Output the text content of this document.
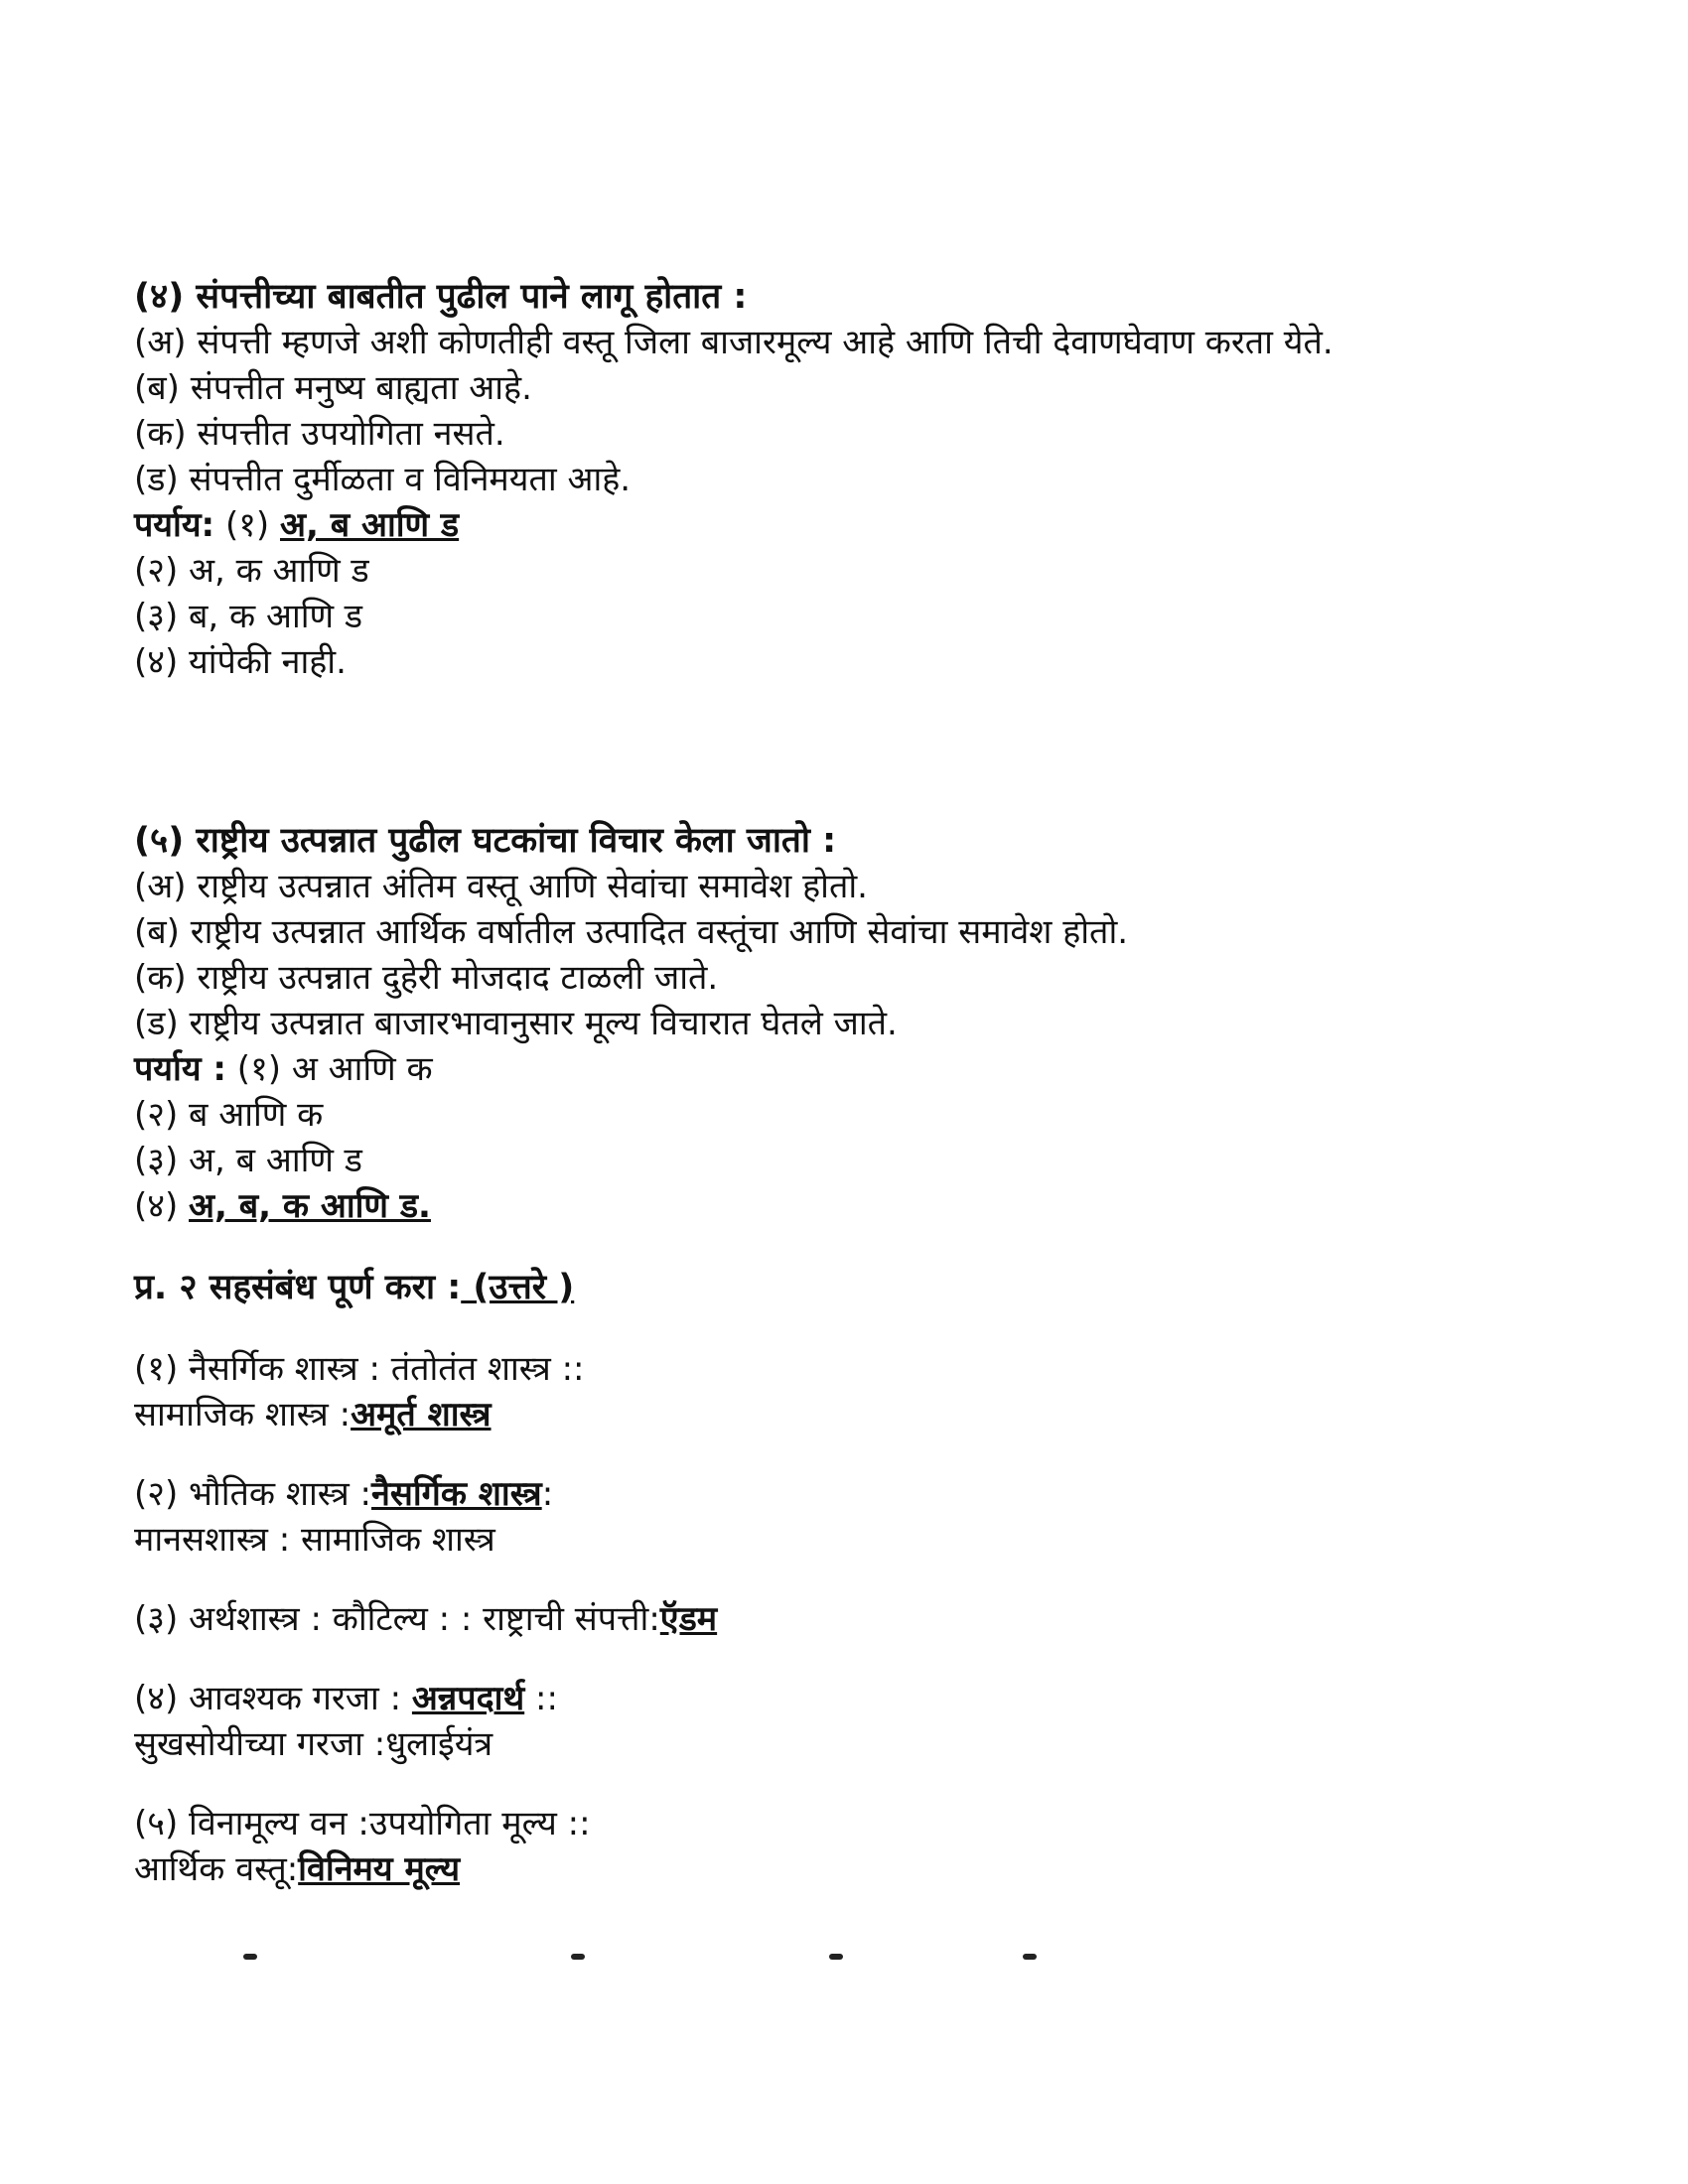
(४) संपत्तीच्या बाबतीत पुढील पाने लागू होतात :

(अ) संपत्ती म्हणजे अशी कोणतीही वस्तू जिला बाजारमूल्य आहे आणि तिची देवाणघेवाण करता येते.

(ब) संपत्तीत मनुष्य बाह्यता आहे.

(क) संपत्तीत उपयोगिता नसते.

(ड) संपत्तीत दुर्मीळता व विनिमयता आहे.

पर्याय: (१) अ, ब आणि ड

(२) अ, क आणि ड

(३) ब, क आणि ड

(४) यांपेकी नाही.

(५) राष्ट्रीय उत्पन्नात पुढील घटकांचा विचार केला जातो :

(अ) राष्ट्रीय उत्पन्नात अंतिम वस्तू आणि सेवांचा समावेश होतो.

(ब) राष्ट्रीय उत्पन्नात आर्थिक वर्षातील उत्पादित वस्तूंचा आणि सेवांचा समावेश होतो.

(क) राष्ट्रीय उत्पन्नात दुहेरी मोजदाद टाळली जाते.

(ड) राष्ट्रीय उत्पन्नात बाजारभावानुसार मूल्य विचारात घेतले जाते.

पर्याय : (१) अ आणि क

(२) ब आणि क

(३) अ, ब आणि ड

(४) अ, ब, क आणि ड.

प्र. २ सहसंबंध पूर्ण करा : (उत्तरे )

(१) नैसर्गिक शास्त्र : तंतोतंत शास्त्र ::

सामाजिक शास्त्र :अमूर्त शास्त्र

(२) भौतिक शास्त्र :नैसर्गिक शास्त्र:

मानसशास्त्र : सामाजिक शास्त्र

(३) अर्थशास्त्र : कौटिल्य : : राष्ट्राची संपत्ती:ऍडम

(४) आवश्यक गरजा : अन्नपदार्थ ::

सुखसोयीच्या गरजा :धुलाईयंत्र

(५) विनामूल्य वन :उपयोगिता मूल्य ::

आर्थिक वस्तू:विनिमय मूल्य
